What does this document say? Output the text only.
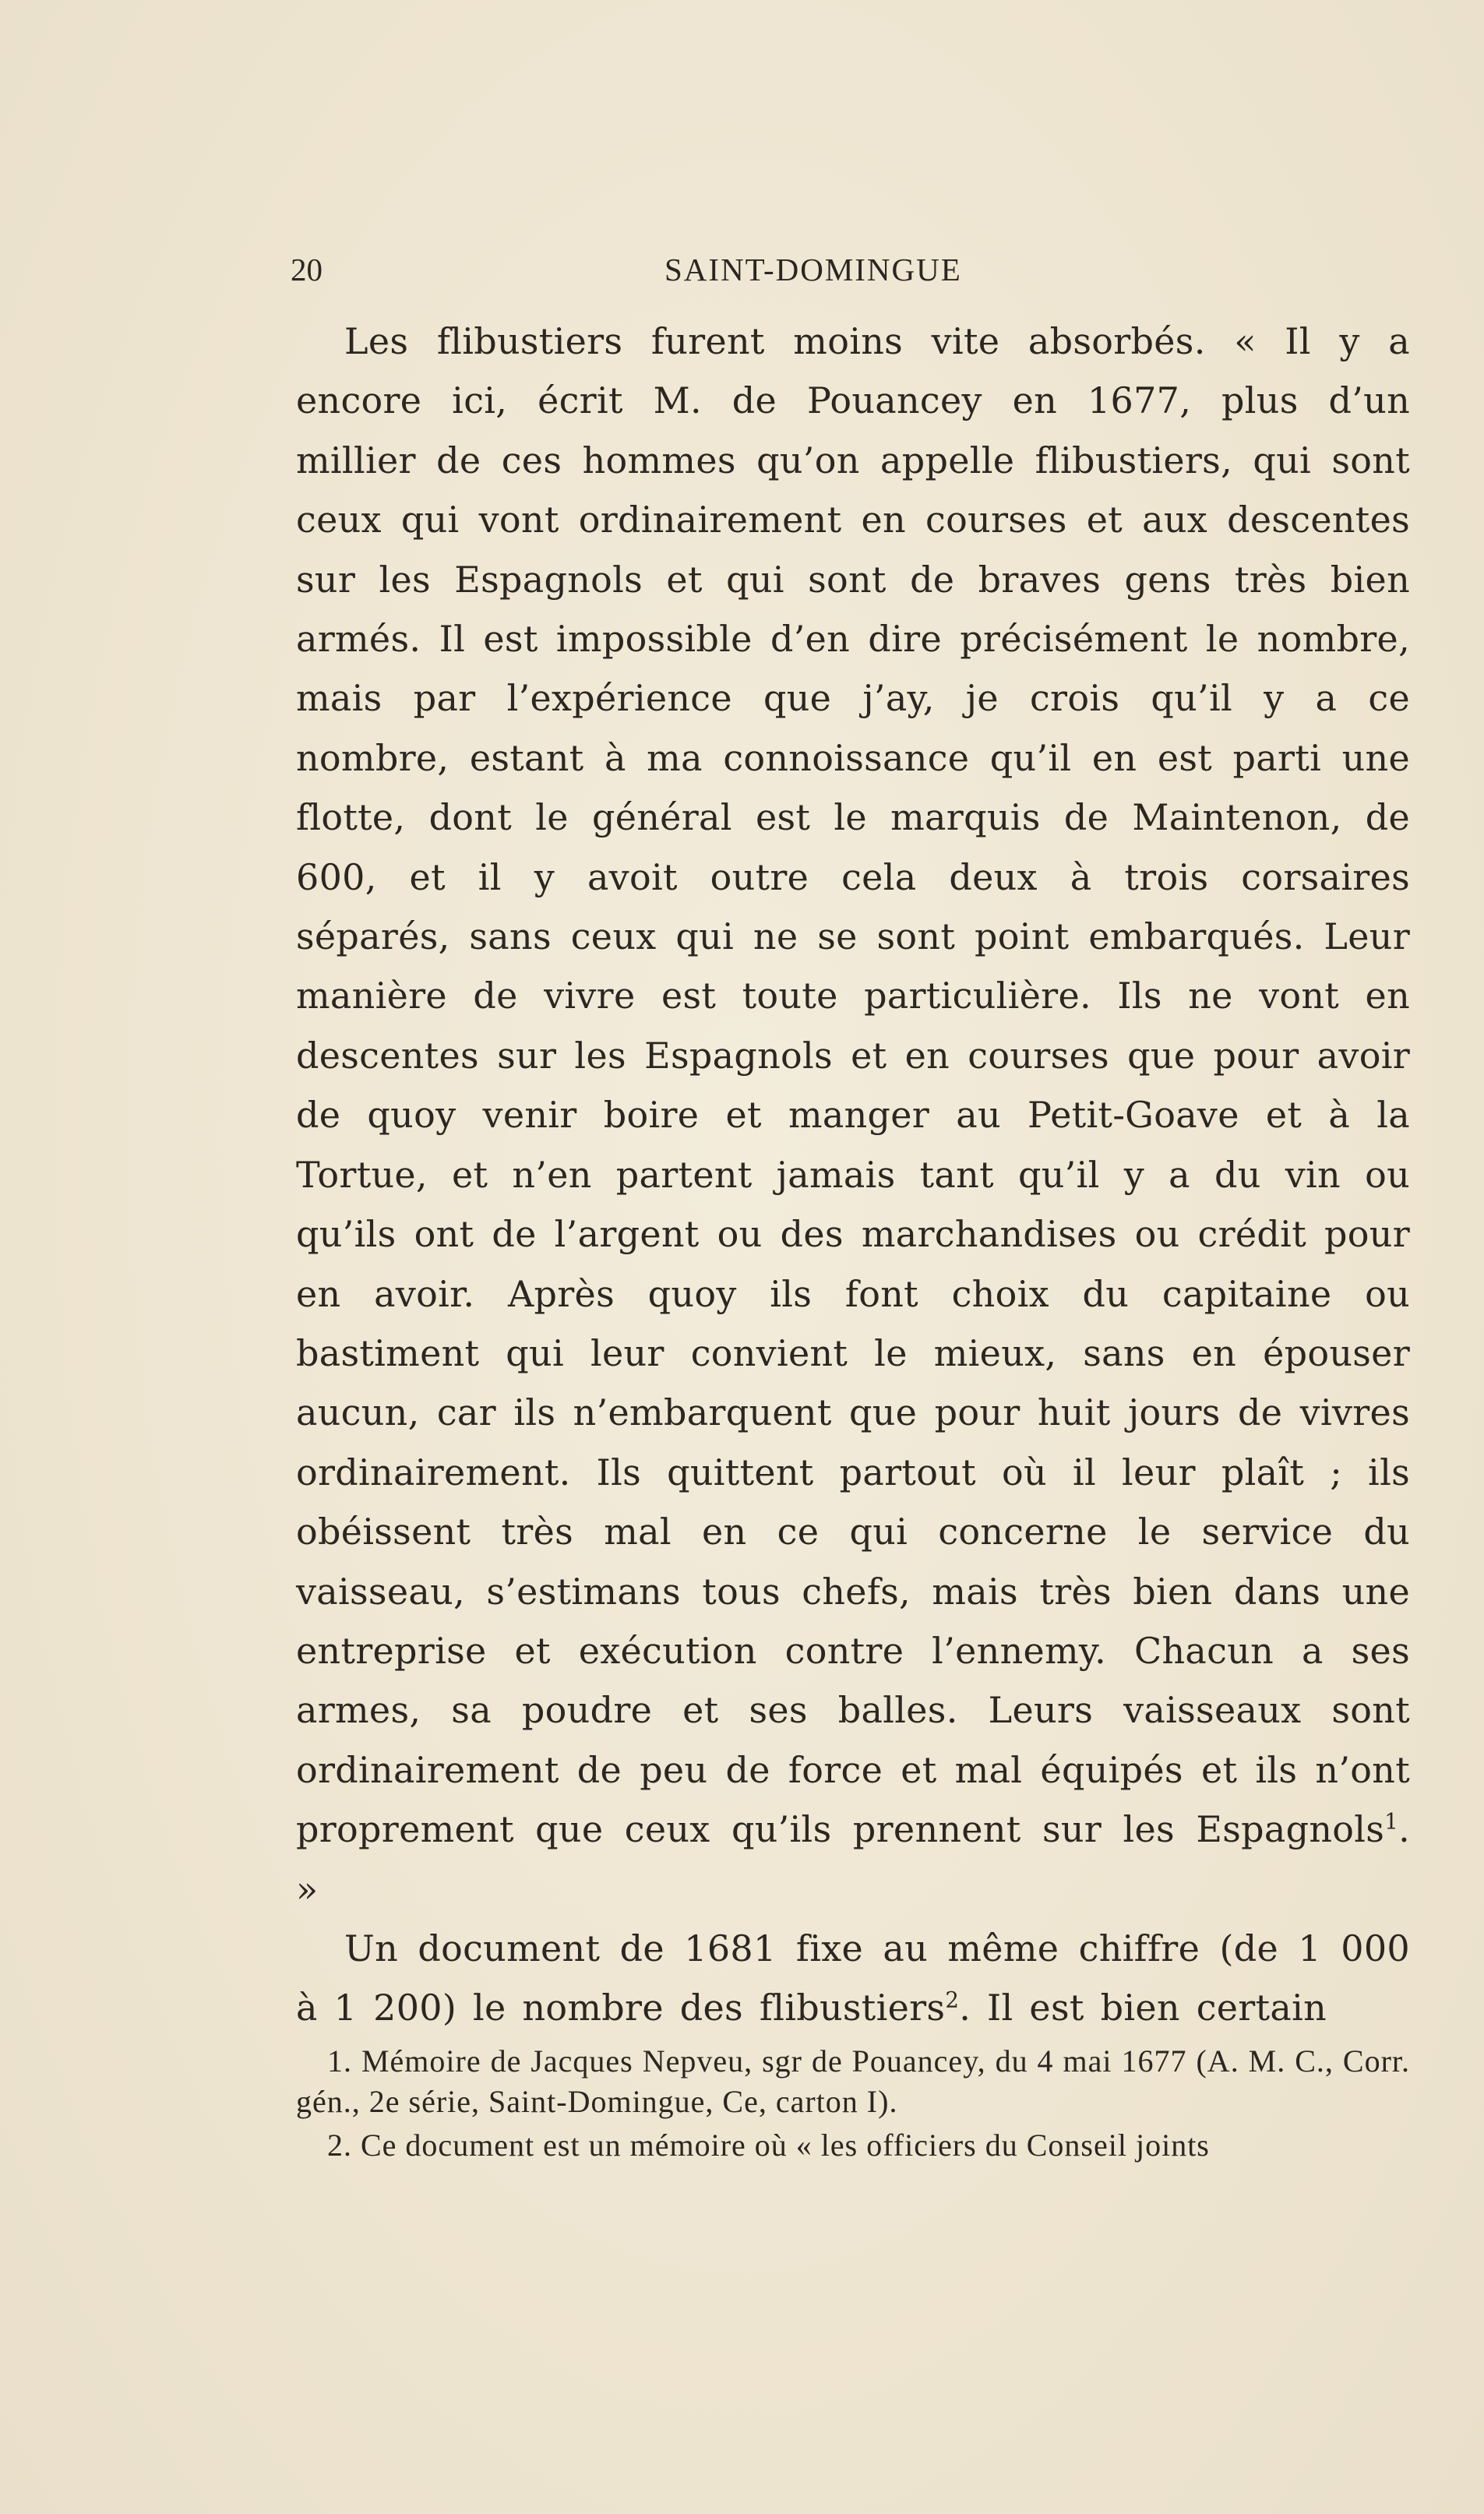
20	SAINT-DOMINGUE

Les flibustiers furent moins vite absorbés. « Il y a encore ici, écrit M. de Pouancey en 1677, plus d’un millier de ces hommes qu’on appelle flibustiers, qui sont ceux qui vont ordinairement en courses et aux descentes sur les Espagnols et qui sont de braves gens très bien armés. Il est impossible d’en dire précisément le nombre, mais par l’expérience que j’ay, je crois qu’il y a ce nombre, estant à ma connoissance qu’il en est parti une flotte, dont le général est le marquis de Maintenon, de 600, et il y avoit outre cela deux à trois corsaires séparés, sans ceux qui ne se sont point embarqués. Leur manière de vivre est toute particulière. Ils ne vont en descentes sur les Espagnols et en courses que pour avoir de quoy venir boire et manger au Petit-Goave et à la Tortue, et n’en partent jamais tant qu’il y a du vin ou qu’ils ont de l’argent ou des marchandises ou crédit pour en avoir. Après quoy ils font choix du capitaine ou bastiment qui leur convient le mieux, sans en épouser aucun, car ils n’embarquent que pour huit jours de vivres ordinairement. Ils quittent partout où il leur plaît ; ils obéissent très mal en ce qui concerne le service du vaisseau, s’estimans tous chefs, mais très bien dans une entreprise et exécution contre l’ennemy. Chacun a ses armes, sa poudre et ses balles. Leurs vaisseaux sont ordinairement de peu de force et mal équipés et ils n’ont proprement que ceux qu’ils prennent sur les Espagnols$^1$. »

Un document de 1681 fixe au même chiffre (de 1 000 à 1 200) le nombre des flibustiers$^2$. Il est bien certain

1. Mémoire de Jacques Nepveu, sgr de Pouancey, du 4 mai 1677 (A. M. C., Corr. gén., 2e série, Saint-Domingue, Ce, carton I).

2. Ce document est un mémoire où « les officiers du Conseil joints
